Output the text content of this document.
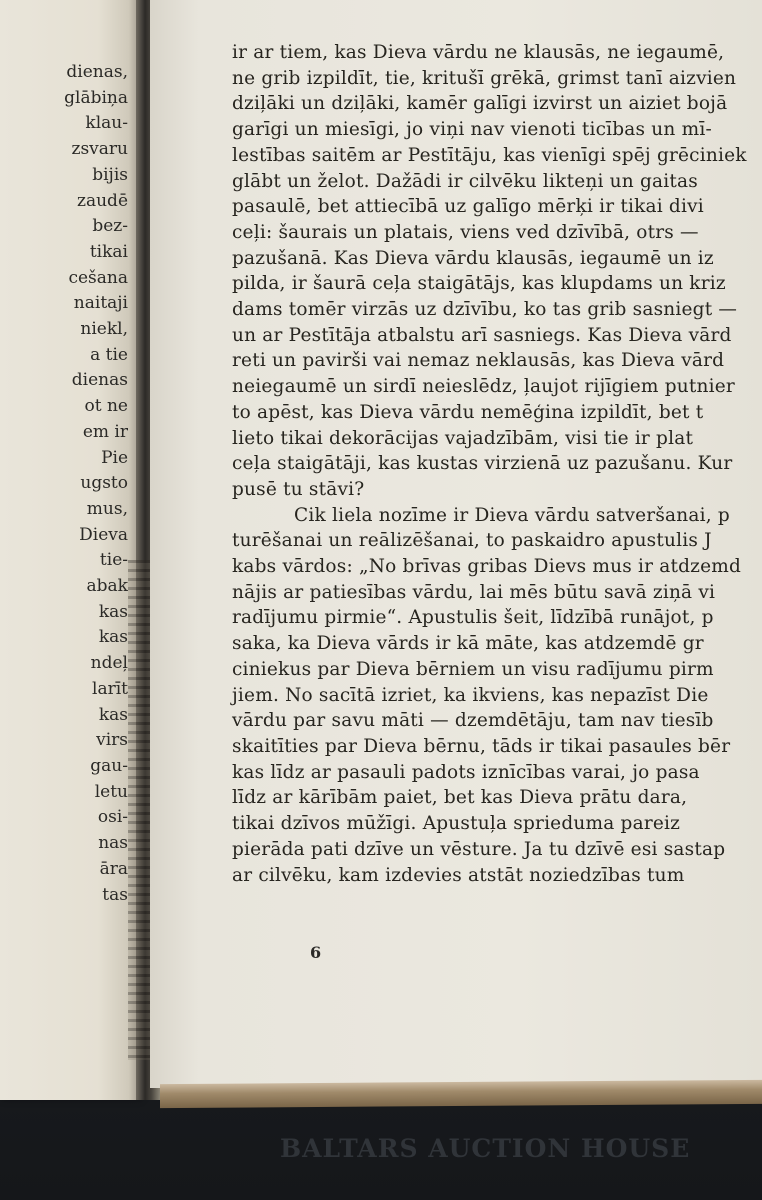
dienas,
glābiņa
klau-
zsvaru
bijis
zaudē
bez-
tikai
cešana
naitaji
niekl,
a tie
dienas
ot ne
em ir
Pie
ugsto
mus,
Dieva
tie-
abak
kas
kas
ndeļ
larīt
kas
virs
gau-
letu
osi-
nas
āra
tas
ir ar tiem, kas Dieva vārdu ne klausās, ne iegaumē,
ne grib izpildīt, tie, kritušī grēkā, grimst tanī aizvien
dziļāki un dziļāki, kamēr galīgi izvirst un aiziet bojā
garīgi un miesīgi, jo viņi nav vienoti ticības un mī-
lestības saitēm ar Pestītāju, kas vienīgi spēj grēciniek
glābt un želot. Dažādi ir cilvēku likteņi un gaitas
pasaulē, bet attiecībā uz galīgo mērķi ir tikai divi
ceļi: šaurais un platais, viens ved dzīvībā, otrs —
pazušanā. Kas Dieva vārdu klausās, iegaumē un iz
pilda, ir šaurā ceļa staigātājs, kas klupdams un kriz
dams tomēr virzās uz dzīvību, ko tas grib sasniegt —
un ar Pestītāja atbalstu arī sasniegs. Kas Dieva vārd
reti un pavirši vai nemaz neklausās, kas Dieva vārd
neiegaumē un sirdī neieslēdz, ļaujot rijīgiem putnier
to apēst, kas Dieva vārdu nemēģina izpildīt, bet t
lieto tikai dekorācijas vajadzībām, visi tie ir plat
ceļa staigātāji, kas kustas virzienā uz pazušanu. Kur
pusē tu stāvi?
Cik liela nozīme ir Dieva vārdu satveršanai, p
turēšanai un reālizēšanai, to paskaidro apustulis J
kabs vārdos: „No brīvas gribas Dievs mus ir atdzemd
nājis ar patiesības vārdu, lai mēs būtu savā ziņā vi
radījumu pirmie“. Apustulis šeit, līdzībā runājot, p
saka, ka Dieva vārds ir kā māte, kas atdzemdē gr
ciniekus par Dieva bērniem un visu radījumu pirm
jiem. No sacītā izriet, ka ikviens, kas nepazīst Die
vārdu par savu māti — dzemdētāju, tam nav tiesīb
skaitīties par Dieva bērnu, tāds ir tikai pasaules bēr
kas līdz ar pasauli padots iznīcības varai, jo pasa
līdz ar kārībām paiet, bet kas Dieva prātu dara,
tikai dzīvos mūžīgi. Apustuļa sprieduma pareiz
pierāda pati dzīve un vēsture. Ja tu dzīvē esi sastap
ar cilvēku, kam izdevies atstāt noziedzības tum
6
BALTARS AUCTION HOUSE
